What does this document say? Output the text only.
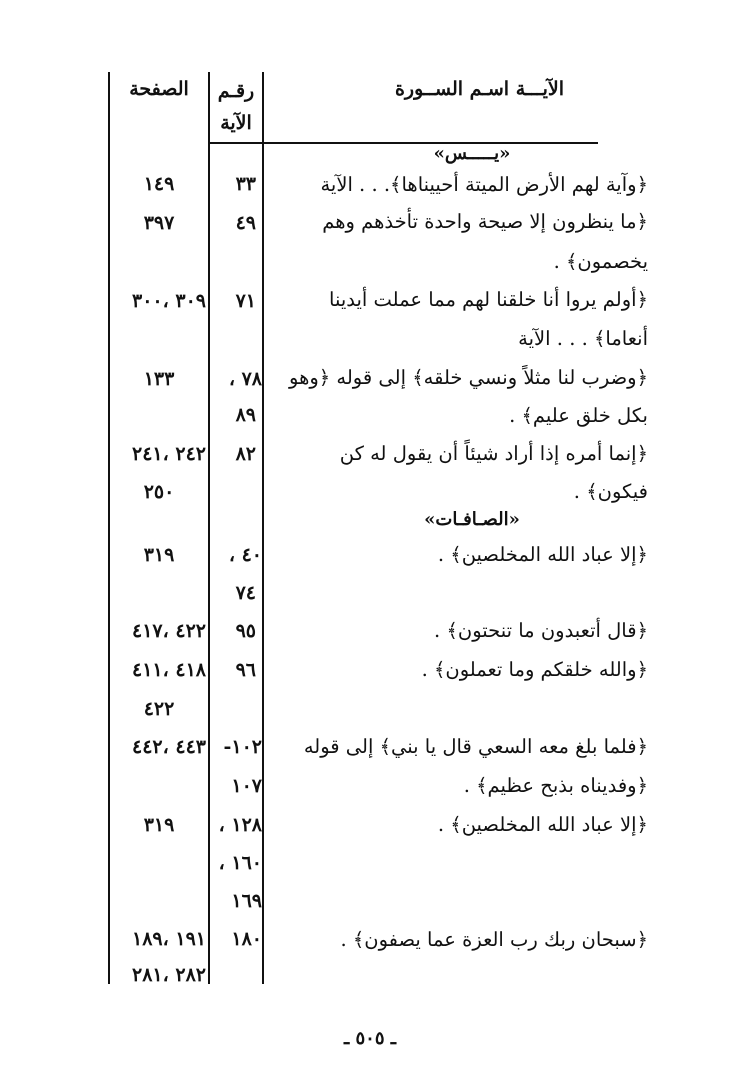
الآيـــة اسـم الســورة
رقـم
الآية
الصفحة
«يـــــس»
﴿وآية لهم الأرض الميتة أحييناها﴾. . . الآية
﴿ما ينظرون إلا صيحة واحدة تأخذهم وهم
يخصمون﴾ .
﴿أولم يروا أنا خلقنا لهم مما عملت أيدينا
أنعاما﴾ . . . الآية
﴿وضرب لنا مثلاً ونسي خلقه﴾ إلى قوله ﴿وهو
بكل خلق عليم﴾ .
﴿إنما أمره إذا أراد شيئاً أن يقول له كن
فيكون﴾ .
«الصـافـات»
﴿إلا عباد الله المخلصين﴾ .
﴿قال أتعبدون ما تنحتون﴾ .
﴿والله خلقكم وما تعملون﴾ .
﴿فلما بلغ معه السعي قال يا بني﴾ إلى قوله
﴿وفديناه بذبح عظيم﴾ .
﴿إلا عباد الله المخلصين﴾ .
﴿سبحان ربك رب العزة عما يصفون﴾ .
٣٣
٤٩
٧١
٧٨ ،
٨٩
٨٢
٤٠ ،
٧٤
٩٥
٩٦
١٠٢-
١٠٧
١٢٨ ،
١٦٠ ،
١٦٩
١٨٠
١٤٩
٣٩٧
٣٠٩ ،٣٠٠
١٣٣
٢٤٢ ،٢٤١
٢٥٠
٣١٩
٤٢٢ ،٤١٧
٤١٨ ،٤١١
٤٢٢
٤٤٣ ،٤٤٢
٣١٩
١٩١ ،١٨٩
٢٨٢ ،٢٨١
ـ ٥٠٥ ـ
